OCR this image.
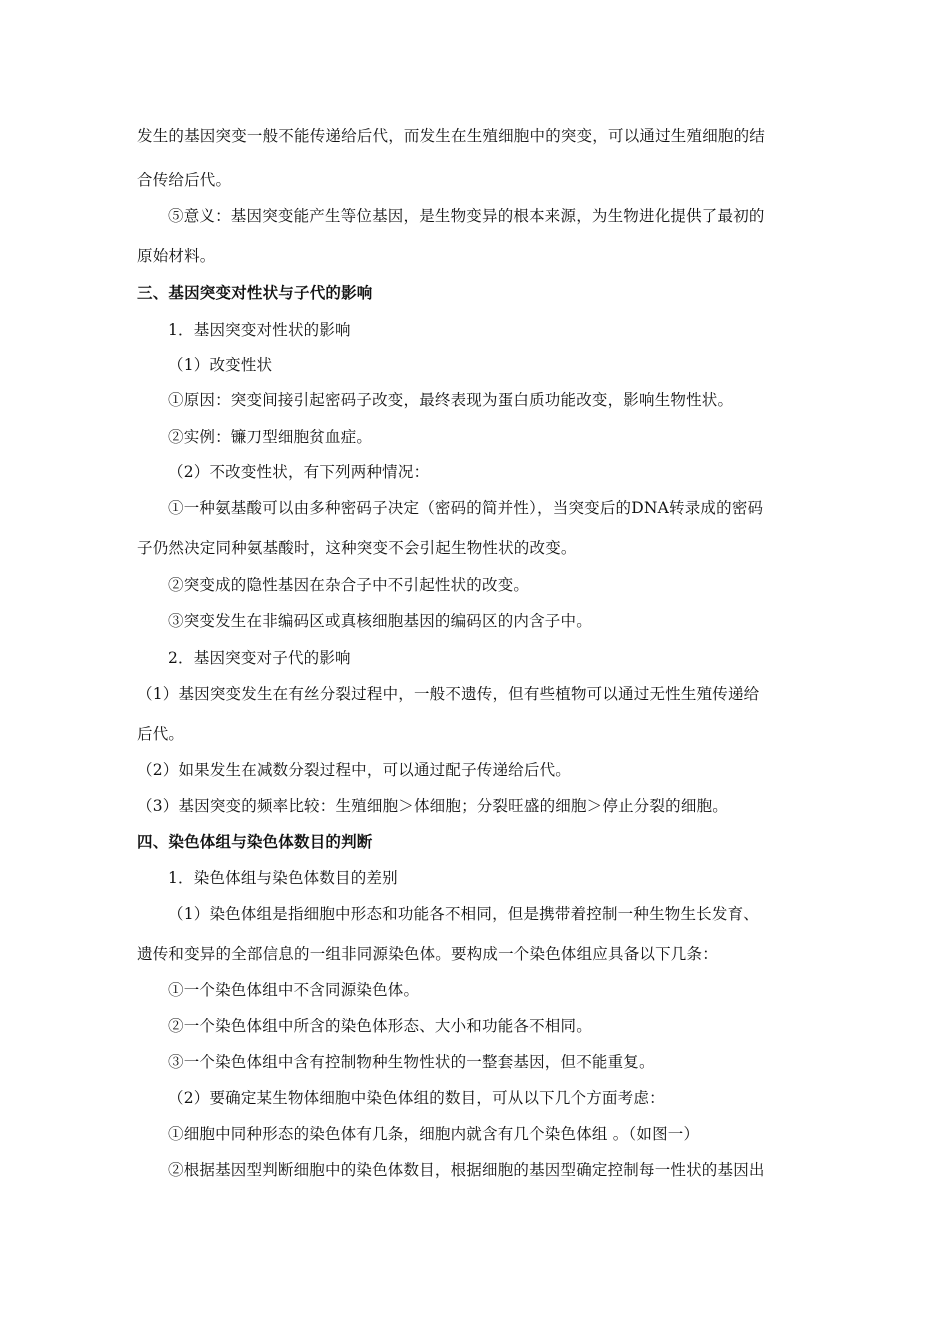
发生的基因突变一般不能传递给后代，而发生在生殖细胞中的突变，可以通过生殖细胞的结
合传给后代。
⑤意义：基因突变能产生等位基因，是生物变异的根本来源，为生物进化提供了最初的
原始材料。
三、基因突变对性状与子代的影响
1．基因突变对性状的影响
（1）改变性状
①原因：突变间接引起密码子改变，最终表现为蛋白质功能改变，影响生物性状。
②实例：镰刀型细胞贫血症。
（2）不改变性状，有下列两种情况：
①一种氨基酸可以由多种密码子决定（密码的简并性），当突变后的DNA转录成的密码
子仍然决定同种氨基酸时，这种突变不会引起生物性状的改变。
②突变成的隐性基因在杂合子中不引起性状的改变。
③突变发生在非编码区或真核细胞基因的编码区的内含子中。
2．基因突变对子代的影响
（1）基因突变发生在有丝分裂过程中，一般不遗传，但有些植物可以通过无性生殖传递给
后代。
（2）如果发生在减数分裂过程中，可以通过配子传递给后代。
（3）基因突变的频率比较：生殖细胞＞体细胞；分裂旺盛的细胞＞停止分裂的细胞。
四、染色体组与染色体数目的判断
1．染色体组与染色体数目的差别
（1）染色体组是指细胞中形态和功能各不相同，但是携带着控制一种生物生长发育、
遗传和变异的全部信息的一组非同源染色体。要构成一个染色体组应具备以下几条：
①一个染色体组中不含同源染色体。
②一个染色体组中所含的染色体形态、大小和功能各不相同。
③一个染色体组中含有控制物种生物性状的一整套基因，但不能重复。
（2）要确定某生物体细胞中染色体组的数目，可从以下几个方面考虑：
①细胞中同种形态的染色体有几条，细胞内就含有几个染色体组 。（如图一）
②根据基因型判断细胞中的染色体数目，根据细胞的基因型确定控制每一性状的基因出
